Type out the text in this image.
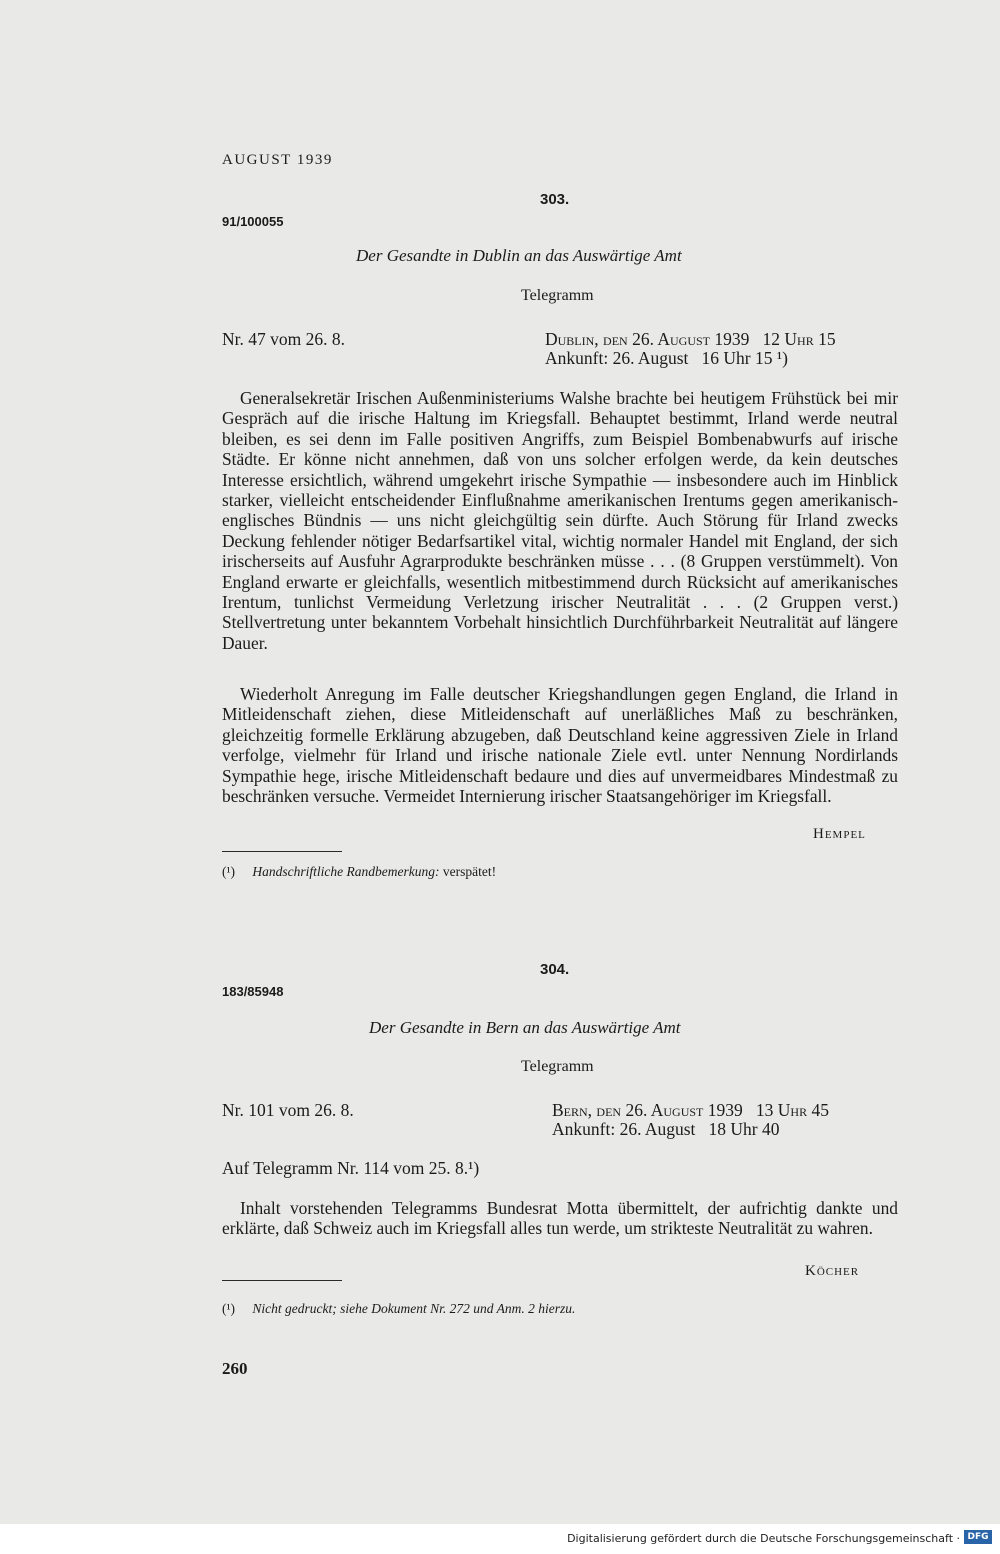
AUGUST 1939
303.
91/100055
Der Gesandte in Dublin an das Auswärtige Amt
Telegramm
Nr. 47 vom 26. 8.	Dublin, den 26. August 1939   12 Uhr 15
Ankunft: 26. August   16 Uhr 15 ¹)
Generalsekretär Irischen Außenministeriums Walshe brachte bei heutigem Frühstück bei mir Gespräch auf die irische Haltung im Kriegsfall. Behauptet bestimmt, Irland werde neutral bleiben, es sei denn im Falle positiven Angriffs, zum Beispiel Bombenabwurfs auf irische Städte. Er könne nicht annehmen, daß von uns solcher erfolgen werde, da kein deutsches Interesse ersichtlich, während umgekehrt irische Sympathie — insbesondere auch im Hinblick starker, vielleicht entscheidender Einflußnahme amerikanischen Irentums gegen amerikanisch-englisches Bündnis — uns nicht gleichgültig sein dürfte. Auch Störung für Irland zwecks Deckung fehlender nötiger Bedarfsartikel vital, wichtig normaler Handel mit England, der sich irischerseits auf Ausfuhr Agrarprodukte beschränken müsse . . . (8 Gruppen verstümmelt). Von England erwarte er gleichfalls, wesentlich mitbestimmend durch Rücksicht auf amerikanisches Irentum, tunlichst Vermeidung Verletzung irischer Neutralität . . . (2 Gruppen verst.) Stellvertretung unter bekanntem Vorbehalt hinsichtlich Durchführbarkeit Neutralität auf längere Dauer.
Wiederholt Anregung im Falle deutscher Kriegshandlungen gegen England, die Irland in Mitleidenschaft ziehen, diese Mitleidenschaft auf unerläßliches Maß zu beschränken, gleichzeitig formelle Erklärung abzugeben, daß Deutschland keine aggressiven Ziele in Irland verfolge, vielmehr für Irland und irische nationale Ziele evtl. unter Nennung Nordirlands Sympathie hege, irische Mitleidenschaft bedaure und dies auf unvermeidbares Mindestmaß zu beschränken versuche. Vermeidet Internierung irischer Staatsangehöriger im Kriegsfall.
Hempel
(¹) Handschriftliche Randbemerkung: verspätet!
304.
183/85948
Der Gesandte in Bern an das Auswärtige Amt
Telegramm
Nr. 101 vom 26. 8.	Bern, den 26. August 1939   13 Uhr 45
Ankunft: 26. August   18 Uhr 40
Auf Telegramm Nr. 114 vom 25. 8.¹)
Inhalt vorstehenden Telegramms Bundesrat Motta übermittelt, der aufrichtig dankte und erklärte, daß Schweiz auch im Kriegsfall alles tun werde, um strikteste Neutralität zu wahren.
Köcher
(¹) Nicht gedruckt; siehe Dokument Nr. 272 und Anm. 2 hierzu.
260
Digitalisierung gefördert durch die Deutsche Forschungsgemeinschaft · DFG
